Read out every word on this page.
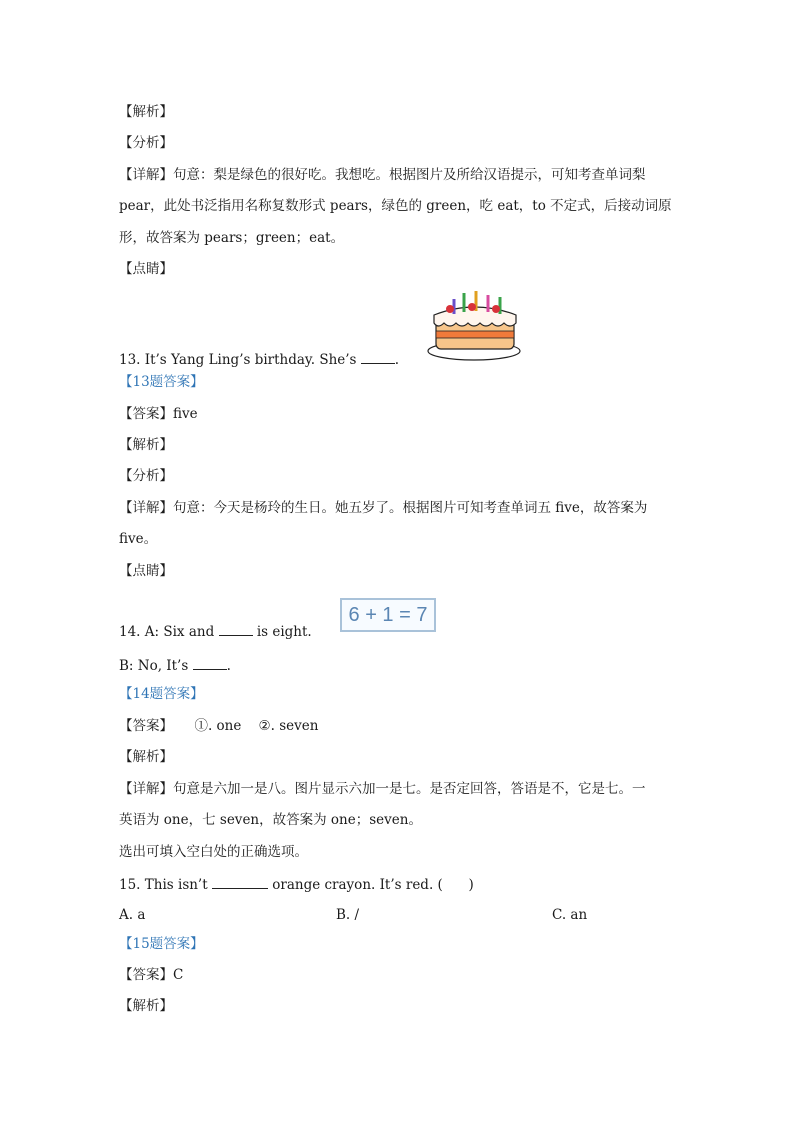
【解析】
【分析】
【详解】句意：梨是绿色的很好吃。我想吃。根据图片及所给汉语提示，可知考查单词梨
pear，此处书泛指用名称复数形式 pears，绿色的 green，吃 eat，to 不定式，后接动词原
形，故答案为 pears；green；eat。
【点睛】
13. It’s Yang Ling’s birthday. She’s	.
【13题答案】
【答案】five
【解析】
【分析】
【详解】句意：今天是杨玲的生日。她五岁了。根据图片可知考查单词五 five，故答案为
five。
【点睛】
6 + 1 = 7
14. A: Six and	is eight.
B: No, It’s	.
【14题答案】
【答案】 ①. one ②. seven
【解析】
【详解】句意是六加一是八。图片显示六加一是七。是否定回答，答语是不，它是七。一
英语为 one，七 seven，故答案为 one；seven。
选出可填入空白处的正确选项。
15. This isn’t	orange crayon. It’s red. (      )
A. a	B. /	C. an
【15题答案】
【答案】C
【解析】
